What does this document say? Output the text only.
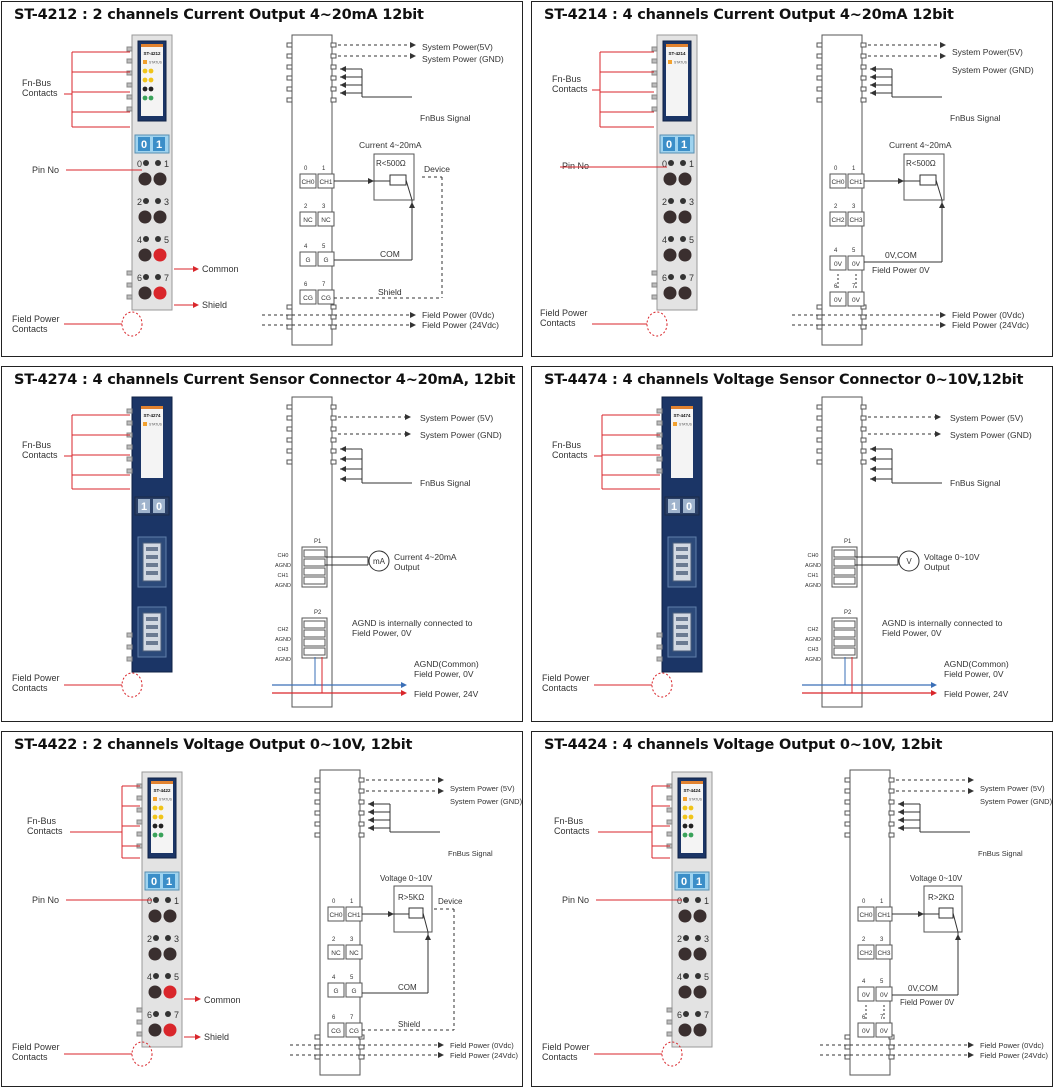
ST-4212 : 2 channels Current Output 4~20mA 12bit
ST-4212
STATUS
0 1
0 1
2 3
4 5
6 7
Fn-Bus Contacts
Pin No
Common
Shield
Field Power Contacts
System Power(5V)
System Power (GND)
FnBus Signal
0 1
CH0 CH1
2 3
NC NC
4 5
G G
6 7
CG CG
Current 4~20mA
R<500Ω
COM
Device
Shield
Field Power (0Vdc)
Field Power (24Vdc)
ST-4214 : 4 channels Current Output 4~20mA 12bit
ST-4214
STATUS
0 1
0 1
2 3
4 5
6 7
Fn-Bus Contacts
Pin No
Field Power Contacts
System Power(5V)
System Power (GND)
FnBus Signal
0 1
CH0 CH1
2 3
CH2 CH3
4 5
0V 0V
6 7
0V 0V
Current 4~20mA
R<500Ω
0V,COM
Field Power 0V
Field Power (0Vdc)
Field Power (24Vdc)
ST-4274 : 4 channels Current Sensor Connector 4~20mA, 12bit
ST-4274
STATUS
1 0
Fn-Bus Contacts
Field Power Contacts
System Power (5V)
System Power (GND)
FnBus Signal
P1
CH0
AGND
CH1
AGND
P2
CH2
AGND
CH3
AGND
mA Current 4~20mA Output
AGND is internally connected to Field Power, 0V
AGND(Common) Field Power, 0V
Field Power, 24V
ST-4474 : 4 channels Voltage Sensor Connector 0~10V,12bit
ST-4474
STATUS
1 0
Fn-Bus Contacts
Field Power Contacts
System Power (5V)
System Power (GND)
FnBus Signal
P1
CH0
AGND
CH1
AGND
P2
CH2
AGND
CH3
AGND
V Voltage 0~10V Output
AGND is internally connected to Field Power, 0V
AGND(Common) Field Power, 0V
Field Power, 24V
ST-4422 : 2 channels Voltage Output 0~10V, 12bit
ST-4422
STATUS
0 1
0 1
2 3
4 5
6 7
Fn-Bus Contacts
Pin No
Common
Shield
Field Power Contacts
System Power (5V)
System Power (GND)
FnBus Signal
0 1
CH0 CH1
2 3
NC NC
4 5
G G
6 7
CG CG
Voltage 0~10V
R>5KΩ
COM
Device
Shield
Field Power (0Vdc)
Field Power (24Vdc)
ST-4424 : 4 channels Voltage Output 0~10V, 12bit
ST-4424
STATUS
0 1
0 1
2 3
4 5
6 7
Fn-Bus Contacts
Pin No
Field Power Contacts
System Power (5V)
System Power (GND)
FnBus Signal
0 1
CH0 CH1
2 3
CH2 CH3
4 5
0V 0V
6 7
0V 0V
Voltage 0~10V
R>2KΩ
0V,COM
Field Power 0V
Field Power (0Vdc)
Field Power (24Vdc)
